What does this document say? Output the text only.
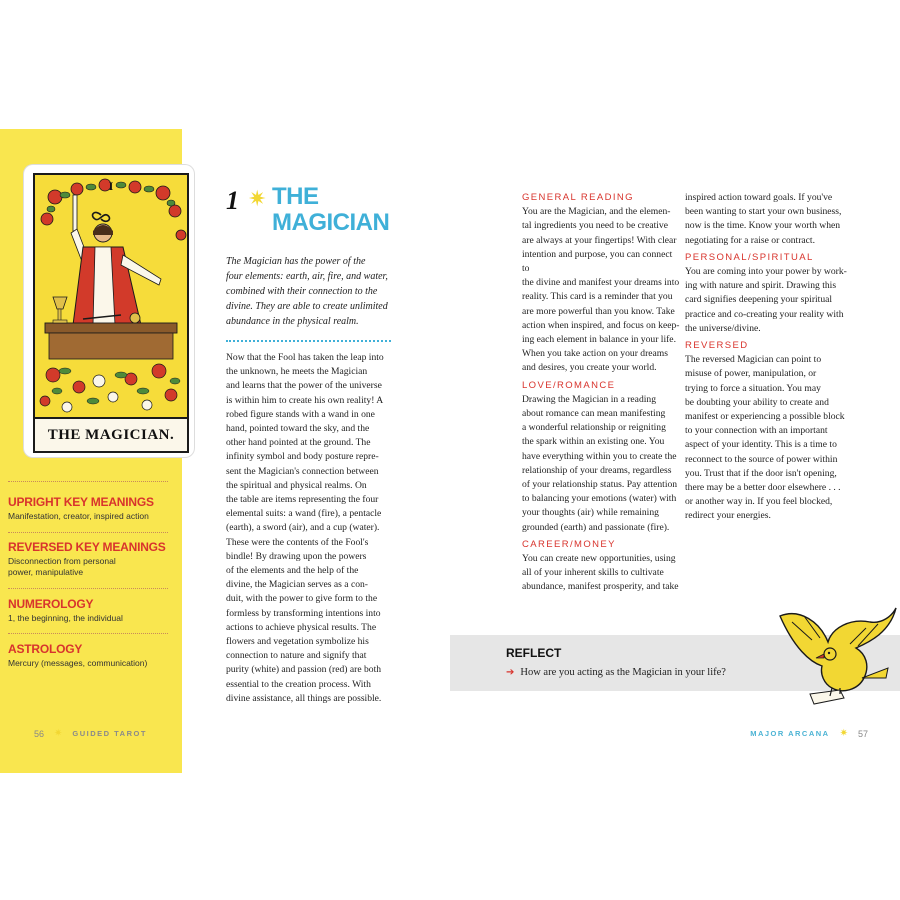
I
THE MAGICIAN.
UPRIGHT KEY MEANINGS
Manifestation, creator, inspired action
REVERSED KEY MEANINGS
Disconnection from personal
power, manipulative
NUMEROLOGY
1, the beginning, the individual
ASTROLOGY
Mercury (messages, communication)
56 ✷ GUIDED TAROT
1 ✷ THE
MAGICIAN
The Magician has the power of the
four elements: earth, air, fire, and water,
combined with their connection to the
divine. They are able to create unlimited
abundance in the physical realm.
Now that the Fool has taken the leap into
the unknown, he meets the Magician
and learns that the power of the universe
is within him to create his own reality! A
robed figure stands with a wand in one
hand, pointed toward the sky, and the
other hand pointed at the ground. The
infinity symbol and body posture repre-
sent the Magician's connection between
the spiritual and physical realms. On
the table are items representing the four
elemental suits: a wand (fire), a pentacle
(earth), a sword (air), and a cup (water).
These were the contents of the Fool's
bindle! By drawing upon the powers
of the elements and the help of the
divine, the Magician serves as a con-
duit, with the power to give form to the
formless by transforming intentions into
actions to achieve physical results. The
flowers and vegetation symbolize his
connection to nature and signify that
purity (white) and passion (red) are both
essential to the creation process. With
divine assistance, all things are possible.
GENERAL READING
You are the Magician, and the elemen-
tal ingredients you need to be creative
are always at your fingertips! With clear
intention and purpose, you can connect to
the divine and manifest your dreams into
reality. This card is a reminder that you
are more powerful than you know. Take
action when inspired, and focus on keep-
ing each element in balance in your life.
When you take action on your dreams
and desires, you create your world.
LOVE/ROMANCE
Drawing the Magician in a reading
about romance can mean manifesting
a wonderful relationship or reigniting
the spark within an existing one. You
have everything within you to create the
relationship of your dreams, regardless
of your relationship status. Pay attention
to balancing your emotions (water) with
your thoughts (air) while remaining
grounded (earth) and passionate (fire).
CAREER/MONEY
You can create new opportunities, using
all of your inherent skills to cultivate
abundance, manifest prosperity, and take
inspired action toward goals. If you've
been wanting to start your own business,
now is the time. Know your worth when
negotiating for a raise or contract.
PERSONAL/SPIRITUAL
You are coming into your power by work-
ing with nature and spirit. Drawing this
card signifies deepening your spiritual
practice and co-creating your reality with
the universe/divine.
REVERSED
The reversed Magician can point to
misuse of power, manipulation, or
trying to force a situation. You may
be doubting your ability to create and
manifest or experiencing a possible block
to your connection with an important
aspect of your identity. This is a time to
reconnect to the source of power within
you. Trust that if the door isn't opening,
there may be a better door elsewhere . . .
or another way in. If you feel blocked,
redirect your energies.
REFLECT
➔ How are you acting as the Magician in your life?
MAJOR ARCANA ✷ 57
